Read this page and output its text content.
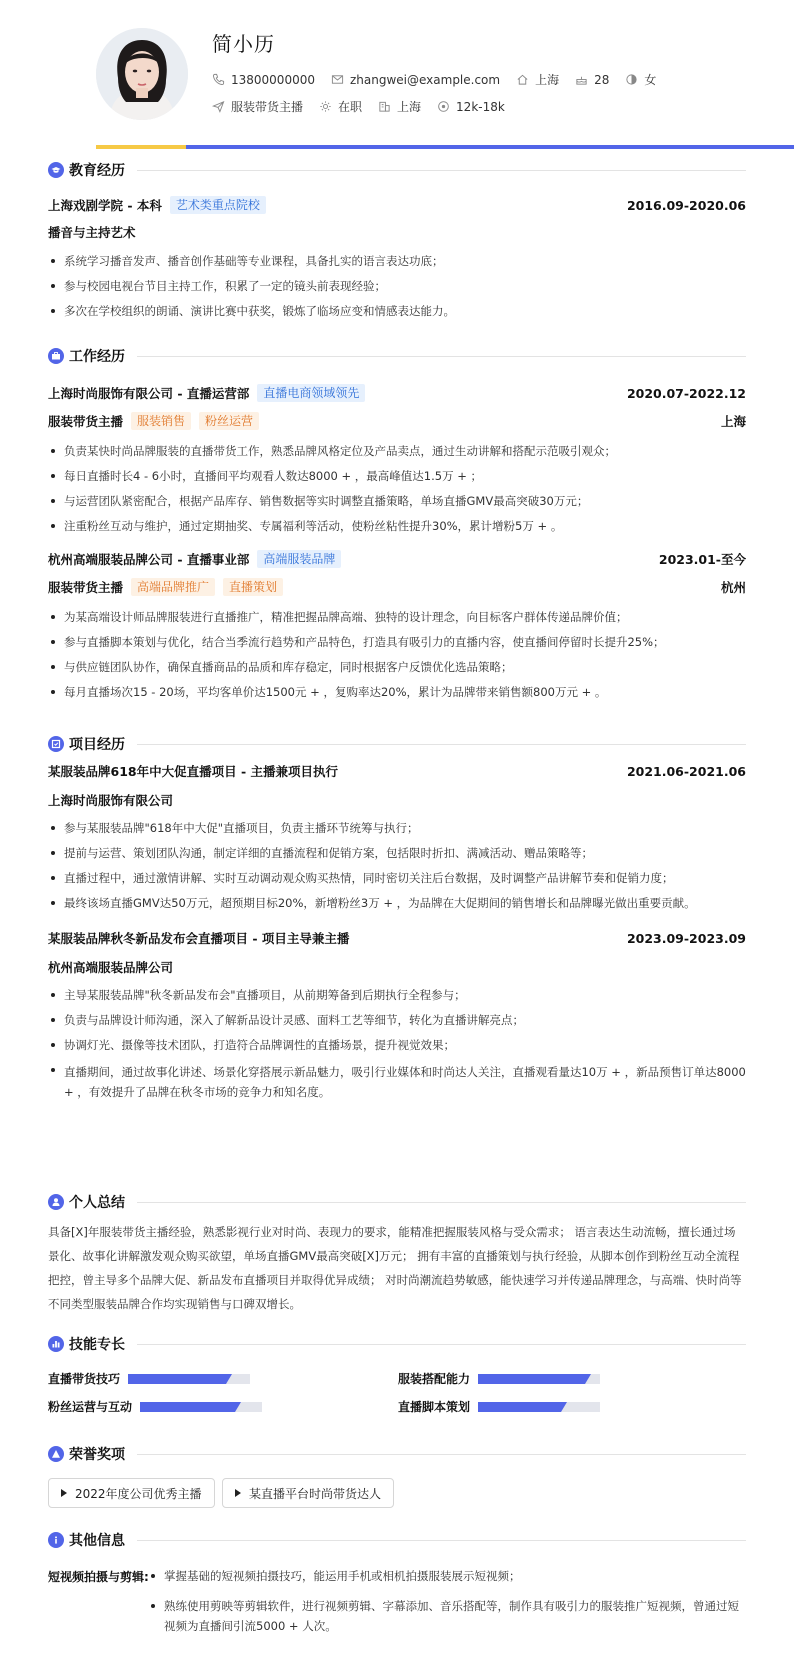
简小历
13800000000	zhangwei@example.com	上海	28	女
服装带货主播	在职	上海	12k-18k
教育经历
上海戏剧学院 - 本科	艺术类重点院校	2016.09-2020.06
播音与主持艺术
系统学习播音发声、播音创作基础等专业课程，具备扎实的语言表达功底；
参与校园电视台节目主持工作，积累了一定的镜头前表现经验；
多次在学校组织的朗诵、演讲比赛中获奖，锻炼了临场应变和情感表达能力。
工作经历
上海时尚服饰有限公司 - 直播运营部	直播电商领域领先	2020.07-2022.12
服装带货主播	服装销售	粉丝运营	上海
负责某快时尚品牌服装的直播带货工作，熟悉品牌风格定位及产品卖点，通过生动讲解和搭配示范吸引观众；
每日直播时长4 - 6小时，直播间平均观看人数达8000 + ，最高峰值达1.5万 + ；
与运营团队紧密配合，根据产品库存、销售数据等实时调整直播策略，单场直播GMV最高突破30万元；
注重粉丝互动与维护，通过定期抽奖、专属福利等活动，使粉丝粘性提升30%，累计增粉5万 + 。
杭州高端服装品牌公司 - 直播事业部	高端服装品牌	2023.01-至今
服装带货主播	高端品牌推广	直播策划	杭州
为某高端设计师品牌服装进行直播推广，精准把握品牌高端、独特的设计理念，向目标客户群体传递品牌价值；
参与直播脚本策划与优化，结合当季流行趋势和产品特色，打造具有吸引力的直播内容，使直播间停留时长提升25%；
与供应链团队协作，确保直播商品的品质和库存稳定，同时根据客户反馈优化选品策略；
每月直播场次15 - 20场，平均客单价达1500元 + ，复购率达20%，累计为品牌带来销售额800万元 + 。
项目经历
某服装品牌618年中大促直播项目 - 主播兼项目执行	2021.06-2021.06
上海时尚服饰有限公司
参与某服装品牌"618年中大促"直播项目，负责主播环节统筹与执行；
提前与运营、策划团队沟通，制定详细的直播流程和促销方案，包括限时折扣、满减活动、赠品策略等；
直播过程中，通过激情讲解、实时互动调动观众购买热情，同时密切关注后台数据，及时调整产品讲解节奏和促销力度；
最终该场直播GMV达50万元，超预期目标20%，新增粉丝3万 + ，为品牌在大促期间的销售增长和品牌曝光做出重要贡献。
某服装品牌秋冬新品发布会直播项目 - 项目主导兼主播	2023.09-2023.09
杭州高端服装品牌公司
主导某服装品牌"秋冬新品发布会"直播项目，从前期筹备到后期执行全程参与；
负责与品牌设计师沟通，深入了解新品设计灵感、面料工艺等细节，转化为直播讲解亮点；
协调灯光、摄像等技术团队，打造符合品牌调性的直播场景，提升视觉效果；
直播期间，通过故事化讲述、场景化穿搭展示新品魅力，吸引行业媒体和时尚达人关注，直播观看量达10万 + ，新品预售订单达8000 + ，有效提升了品牌在秋冬市场的竞争力和知名度。
个人总结
具备[X]年服装带货主播经验，熟悉影视行业对时尚、表现力的要求，能精准把握服装风格与受众需求； 语言表达生动流畅，擅长通过场景化、故事化讲解激发观众购买欲望，单场直播GMV最高突破[X]万元； 拥有丰富的直播策划与执行经验，从脚本创作到粉丝互动全流程把控，曾主导多个品牌大促、新品发布直播项目并取得优异成绩； 对时尚潮流趋势敏感，能快速学习并传递品牌理念，与高端、快时尚等不同类型服装品牌合作均实现销售与口碑双增长。
技能专长
直播带货技巧	服装搭配能力
粉丝运营与互动	直播脚本策划
荣誉奖项
2022年度公司优秀主播	某直播平台时尚带货达人
其他信息
短视频拍摄与剪辑:	掌握基础的短视频拍摄技巧，能运用手机或相机拍摄服装展示短视频；
熟练使用剪映等剪辑软件，进行视频剪辑、字幕添加、音乐搭配等，制作具有吸引力的服装推广短视频，曾通过短视频为直播间引流5000 + 人次。
